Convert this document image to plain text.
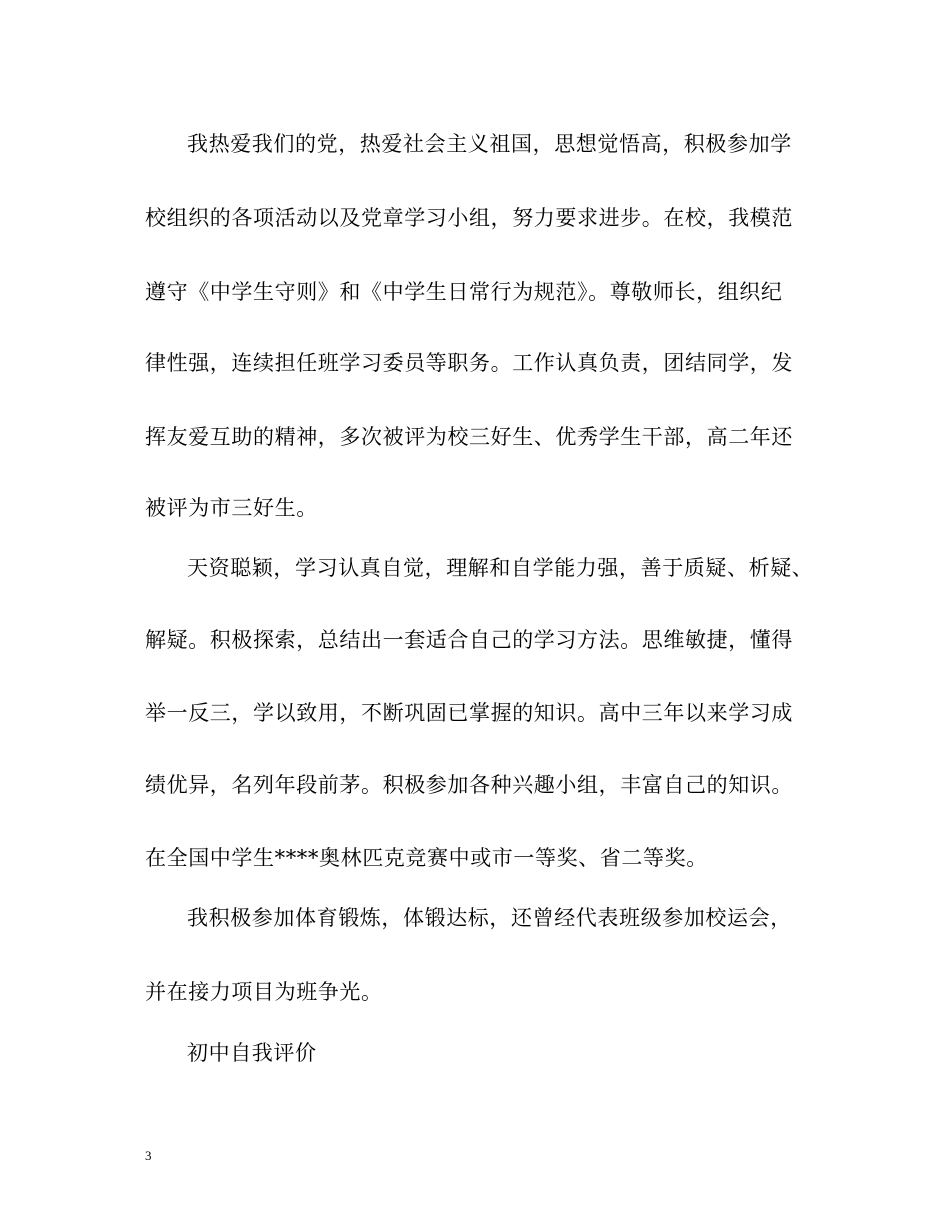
我热爱我们的党，热爱社会主义祖国，思想觉悟高，积极参加学
校组织的各项活动以及党章学习小组，努力要求进步。在校，我模范
遵守《中学生守则》和《中学生日常行为规范》。尊敬师长，组织纪
律性强，连续担任班学习委员等职务。工作认真负责，团结同学，发
挥友爱互助的精神，多次被评为校三好生、优秀学生干部，高二年还
被评为市三好生。
天资聪颖，学习认真自觉，理解和自学能力强，善于质疑、析疑、
解疑。积极探索，总结出一套适合自己的学习方法。思维敏捷，懂得
举一反三，学以致用，不断巩固已掌握的知识。高中三年以来学习成
绩优异，名列年段前茅。积极参加各种兴趣小组，丰富自己的知识。
在全国中学生****奥林匹克竞赛中或市一等奖、省二等奖。
我积极参加体育锻炼，体锻达标，还曾经代表班级参加校运会，
并在接力项目为班争光。
初中自我评价
3
